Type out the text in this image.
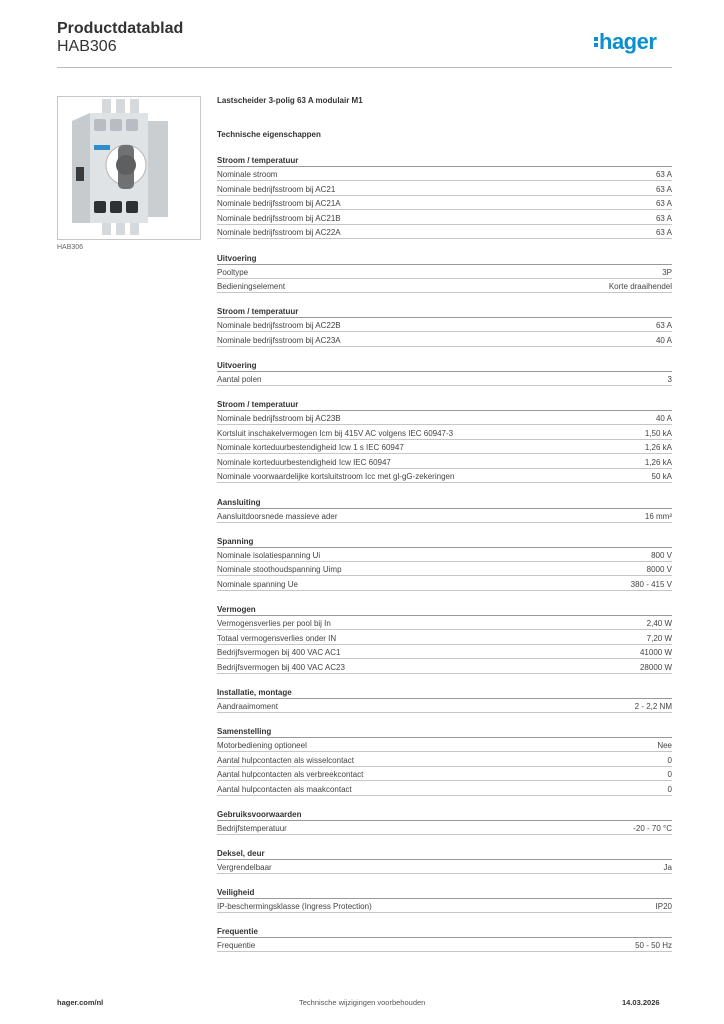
Productdatablad
HAB306	hager
HAB306
Lastscheider 3-polig 63 A modulair M1
Technische eigenschappen
Stroom / temperatuur
Nominale stroom	63 A
Nominale bedrijfsstroom bij AC21	63 A
Nominale bedrijfsstroom bij AC21A	63 A
Nominale bedrijfsstroom bij AC21B	63 A
Nominale bedrijfsstroom bij AC22A	63 A
Uitvoering
Pooltype	3P
Bedieningselement	Korte draaihendel
Stroom / temperatuur
Nominale bedrijfsstroom bij AC22B	63 A
Nominale bedrijfsstroom bij AC23A	40 A
Uitvoering
Aantal polen	3
Stroom / temperatuur
Nominale bedrijfsstroom bij AC23B	40 A
Kortsluit inschakelvermogen Icm bij 415V AC volgens IEC 60947-3	1,50 kA
Nominale korteduurbestendigheid Icw 1 s IEC 60947	1,26 kA
Nominale korteduurbestendigheid Icw IEC 60947	1,26 kA
Nominale voorwaardelijke kortsluitstroom Icc met gl-gG-zekeringen	50 kA
Aansluiting
Aansluitdoorsnede massieve ader	16 mm²
Spanning
Nominale isolatiespanning Ui	800 V
Nominale stoothoudspanning Uimp	8000 V
Nominale spanning Ue	380 - 415 V
Vermogen
Vermogensverlies per pool bij In	2,40 W
Totaal vermogensverlies onder IN	7,20 W
Bedrijfsvermogen bij 400 VAC AC1	41000 W
Bedrijfsvermogen bij 400 VAC AC23	28000 W
Installatie, montage
Aandraaimoment	2 - 2,2 NM
Samenstelling
Motorbediening optioneel	Nee
Aantal hulpcontacten als wisselcontact	0
Aantal hulpcontacten als verbreekcontact	0
Aantal hulpcontacten als maakcontact	0
Gebruiksvoorwaarden
Bedrijfstemperatuur	-20 - 70 °C
Deksel, deur
Vergrendelbaar	Ja
Veiligheid
IP-beschermingsklasse (Ingress Protection)	IP20
Frequentie
Frequentie	50 - 50 Hz
hager.com/nl	Technische wijzigingen voorbehouden	14.03.2026
